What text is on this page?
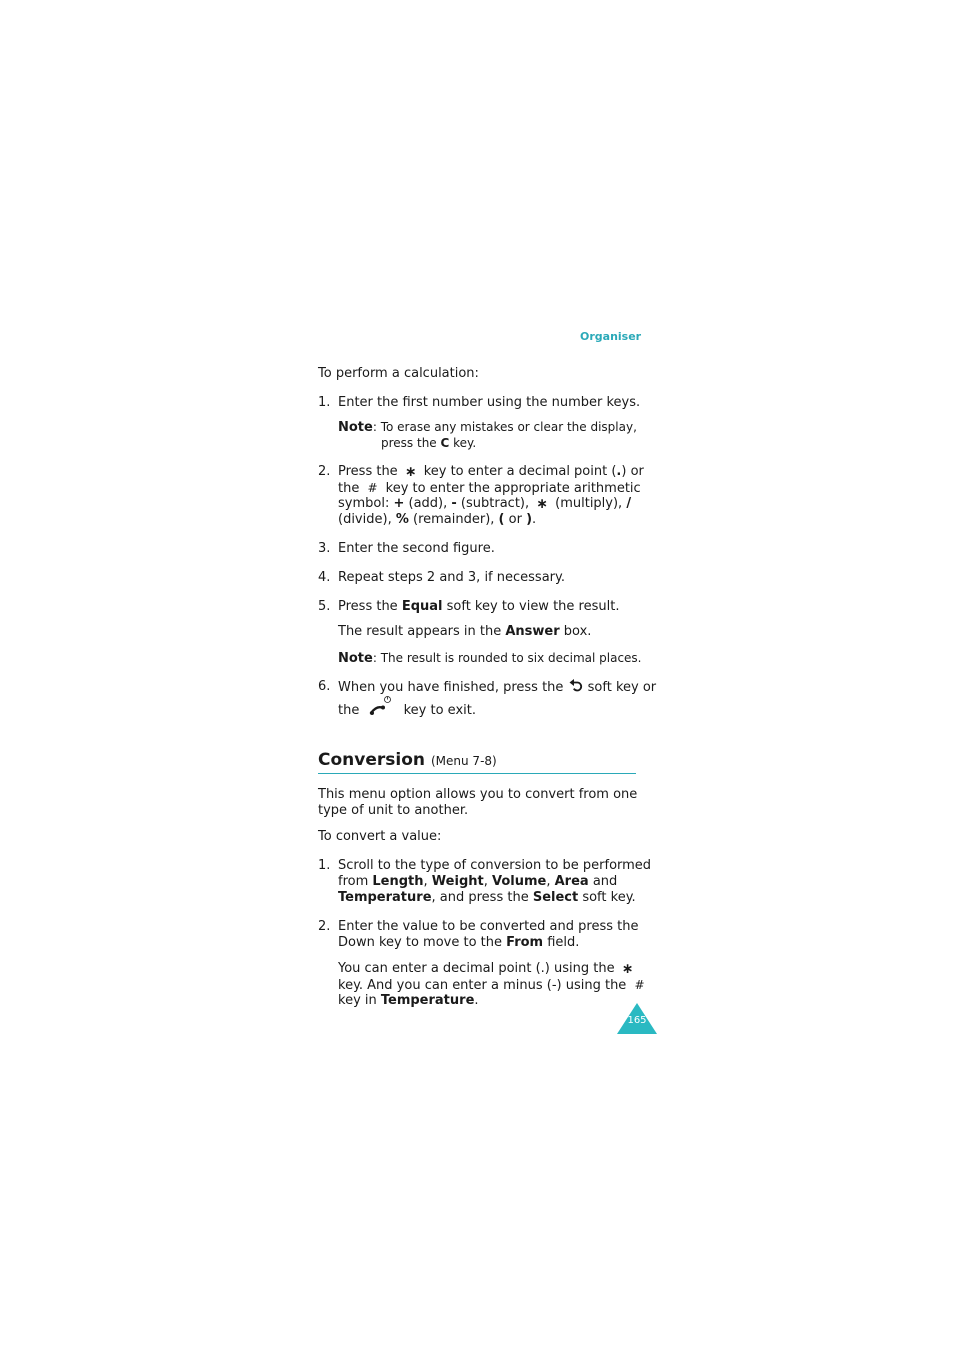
Organiser
To perform a calculation:
1. Enter the first number using the number keys.
Note: To erase any mistakes or clear the display,
press the C key.
2. Press the ∗ key to enter a decimal point (.) or
the # key to enter the appropriate arithmetic
symbol: + (add), - (subtract), ∗ (multiply), /
(divide), % (remainder), ( or ).
3. Enter the second figure.
4. Repeat steps 2 and 3, if necessary.
5. Press the Equal soft key to view the result.
The result appears in the Answer box.
Note: The result is rounded to six decimal places.
6. When you have finished, press the  soft key or
the	key to exit.
Conversion (Menu 7-8)
This menu option allows you to convert from one
type of unit to another.
To convert a value:
1. Scroll to the type of conversion to be performed
from Length, Weight, Volume, Area and
Temperature, and press the Select soft key.
2. Enter the value to be converted and press the
Down key to move to the From field.
You can enter a decimal point (.) using the ∗
key. And you can enter a minus (-) using the #
key in Temperature.
165
